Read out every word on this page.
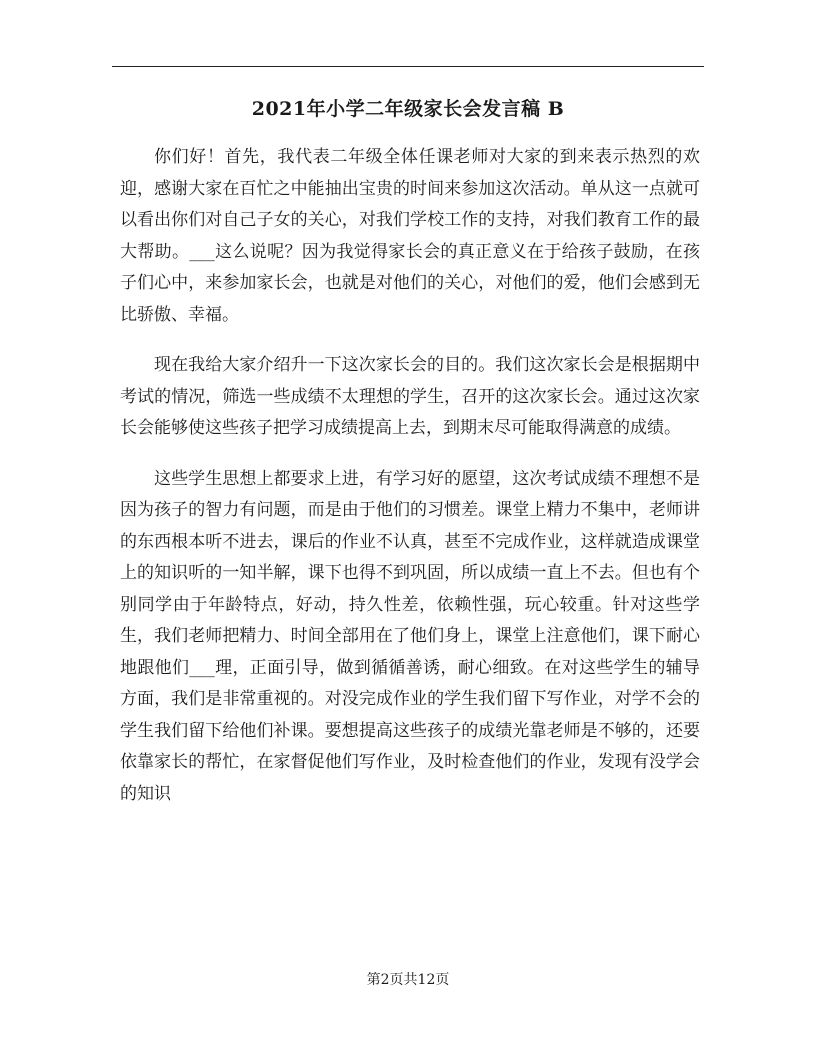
2021年小学二年级家长会发言稿 B

你们好！首先，我代表二年级全体任课老师对大家的到来表示热烈的欢迎，感谢大家在百忙之中能抽出宝贵的时间来参加这次活动。单从这一点就可以看出你们对自己子女的关心，对我们学校工作的支持，对我们教育工作的最大帮助。___这么说呢？因为我觉得家长会的真正意义在于给孩子鼓励，在孩子们心中，来参加家长会，也就是对他们的关心，对他们的爱，他们会感到无比骄傲、幸福。

现在我给大家介绍升一下这次家长会的目的。我们这次家长会是根据期中考试的情况，筛选一些成绩不太理想的学生，召开的这次家长会。通过这次家长会能够使这些孩子把学习成绩提高上去，到期末尽可能取得满意的成绩。

这些学生思想上都要求上进，有学习好的愿望，这次考试成绩不理想不是因为孩子的智力有问题，而是由于他们的习惯差。课堂上精力不集中，老师讲的东西根本听不进去，课后的作业不认真，甚至不完成作业，这样就造成课堂上的知识听的一知半解，课下也得不到巩固，所以成绩一直上不去。但也有个别同学由于年龄特点，好动，持久性差，依赖性强，玩心较重。针对这些学生，我们老师把精力、时间全部用在了他们身上，课堂上注意他们，课下耐心地跟他们___理，正面引导，做到循循善诱，耐心细致。在对这些学生的辅导方面，我们是非常重视的。对没完成作业的学生我们留下写作业，对学不会的学生我们留下给他们补课。要想提高这些孩子的成绩光靠老师是不够的，还要依靠家长的帮忙，在家督促他们写作业，及时检查他们的作业，发现有没学会的知识

第2页共12页
